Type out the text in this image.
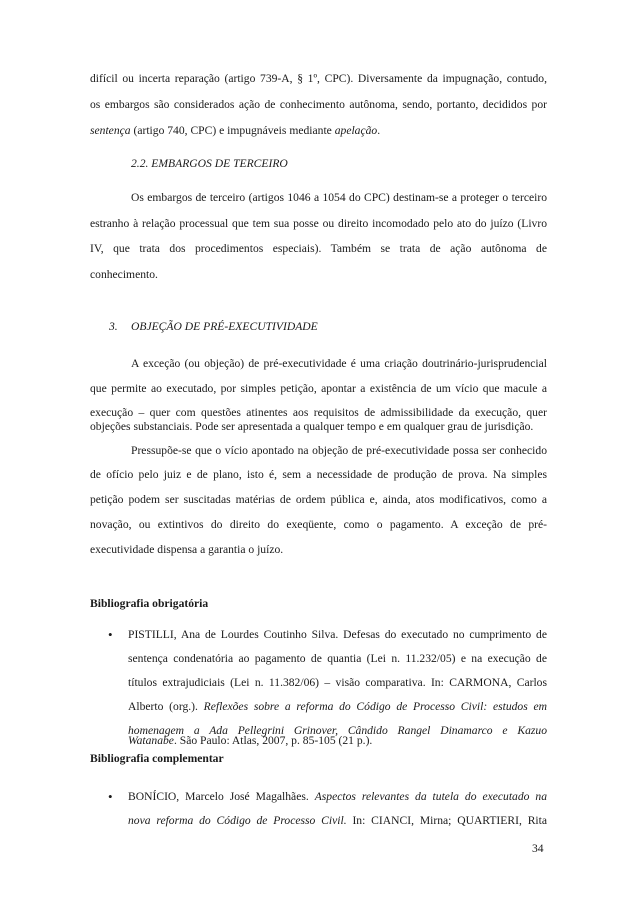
difícil ou incerta reparação (artigo 739-A, § 1º, CPC). Diversamente da impugnação, contudo,
os embargos são considerados ação de conhecimento autônoma, sendo, portanto, decididos por
sentença (artigo 740, CPC) e impugnáveis mediante apelação.
2.2. EMBARGOS DE TERCEIRO
Os embargos de terceiro (artigos 1046 a 1054 do CPC) destinam-se a proteger o terceiro
estranho à relação processual que tem sua posse ou direito incomodado pelo ato do juízo (Livro
IV, que trata dos procedimentos especiais). Também se trata de ação autônoma de
conhecimento.
3. OBJEÇÃO DE PRÉ-EXECUTIVIDADE
A exceção (ou objeção) de pré-executividade é uma criação doutrinário-jurisprudencial
que permite ao executado, por simples petição, apontar a existência de um vício que macule a
execução – quer com questões atinentes aos requisitos de admissibilidade da execução, quer
objeções substanciais. Pode ser apresentada a qualquer tempo e em qualquer grau de jurisdição.
Pressupõe-se que o vício apontado na objeção de pré-executividade possa ser conhecido
de ofício pelo juiz e de plano, isto é, sem a necessidade de produção de prova. Na simples
petição podem ser suscitadas matérias de ordem pública e, ainda, atos modificativos, como a
novação, ou extintivos do direito do exeqüente, como o pagamento. A exceção de pré-
executividade dispensa a garantia o juízo.
Bibliografia obrigatória
• PISTILLI, Ana de Lourdes Coutinho Silva. Defesas do executado no cumprimento de
sentença condenatória ao pagamento de quantia (Lei n. 11.232/05) e na execução de
títulos extrajudiciais (Lei n. 11.382/06) – visão comparativa. In: CARMONA, Carlos
Alberto (org.). Reflexões sobre a reforma do Código de Processo Civil: estudos em
homenagem a Ada Pellegrini Grinover, Cândido Rangel Dinamarco e Kazuo
Watanabe. São Paulo: Atlas, 2007, p. 85-105 (21 p.).
Bibliografia complementar
• BONÍCIO, Marcelo José Magalhães. Aspectos relevantes da tutela do executado na
nova reforma do Código de Processo Civil. In: CIANCI, Mirna; QUARTIERI, Rita
34
